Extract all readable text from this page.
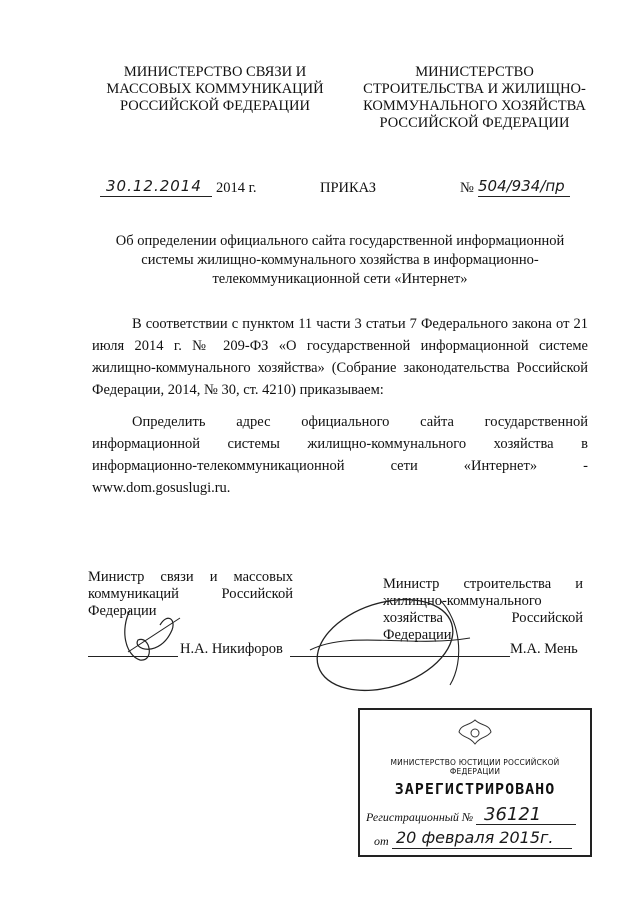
МИНИСТЕРСТВО СВЯЗИ И
МАССОВЫХ КОММУНИКАЦИЙ
РОССИЙСКОЙ ФЕДЕРАЦИИ
МИНИСТЕРСТВО
СТРОИТЕЛЬСТВА И ЖИЛИЩНО-
КОММУНАЛЬНОГО ХОЗЯЙСТВА
РОССИЙСКОЙ ФЕДЕРАЦИИ
30.12.2014 2014 г.	ПРИКАЗ	№ 504/934/пр
Об определении официального сайта государственной информационной
системы жилищно-коммунального хозяйства в информационно-
телекоммуникационной сети «Интернет»
В соответствии с пунктом 11 части 3 статьи 7 Федерального закона от 21 июля 2014 г. № 209-ФЗ «О государственной информационной системе жилищно-коммунального хозяйства» (Собрание законодательства Российской Федерации, 2014, № 30, ст. 4210) приказываем:
Определить адрес официального сайта государственной информационной системы жилищно-коммунального хозяйства в информационно-телекоммуникационной сети «Интернет» - www.dom.gosuslugi.ru.
Министр связи и массовых
коммуникаций Российской
Федерации
Н.А. Никифоров
Министр строительства и
жилищно-коммунального
хозяйства Российской
Федерации
М.А. Мень
МИНИСТЕРСТВО ЮСТИЦИИ РОССИЙСКОЙ ФЕДЕРАЦИИ
ЗАРЕГИСТРИРОВАНО
Регистрационный № 36121
от 20 февраля 2015г.
